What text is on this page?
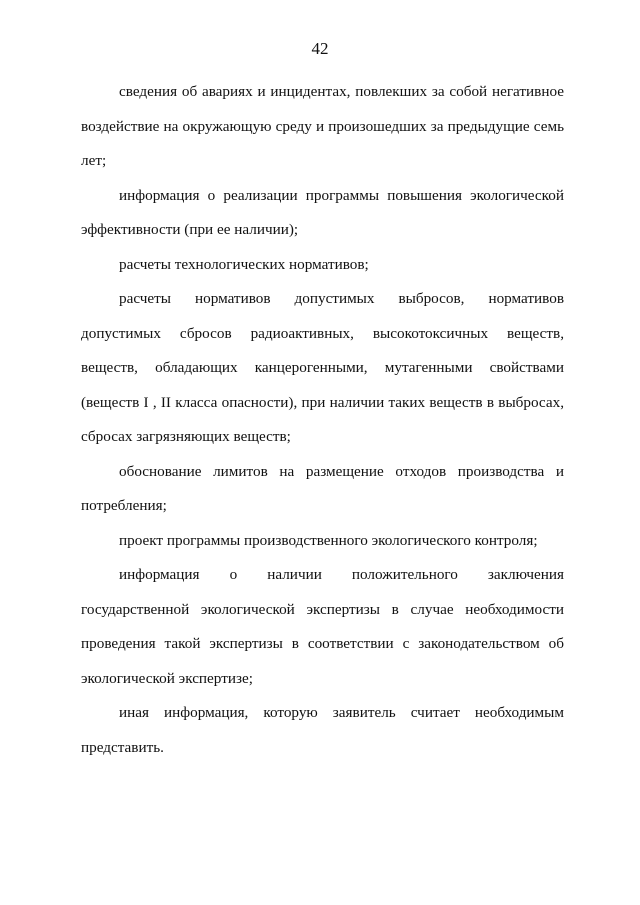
42

сведения об авариях и инцидентах, повлекших за собой негативное воздействие на окружающую среду и произошедших за предыдущие семь лет;

информация о реализации программы повышения экологической эффективности (при ее наличии);

расчеты технологических нормативов;

расчеты нормативов допустимых выбросов, нормативов допустимых сбросов радиоактивных, высокотоксичных веществ, веществ, обладающих канцерогенными, мутагенными свойствами (веществ I , II класса опасности), при наличии таких веществ в выбросах, сбросах загрязняющих веществ;

обоснование лимитов на размещение отходов производства и потребления;

проект программы производственного экологического контроля;

информация о наличии положительного заключения государственной экологической экспертизы в случае необходимости проведения такой экспертизы в соответствии с законодательством об экологической экспертизе;

иная информация, которую заявитель считает необходимым представить.
